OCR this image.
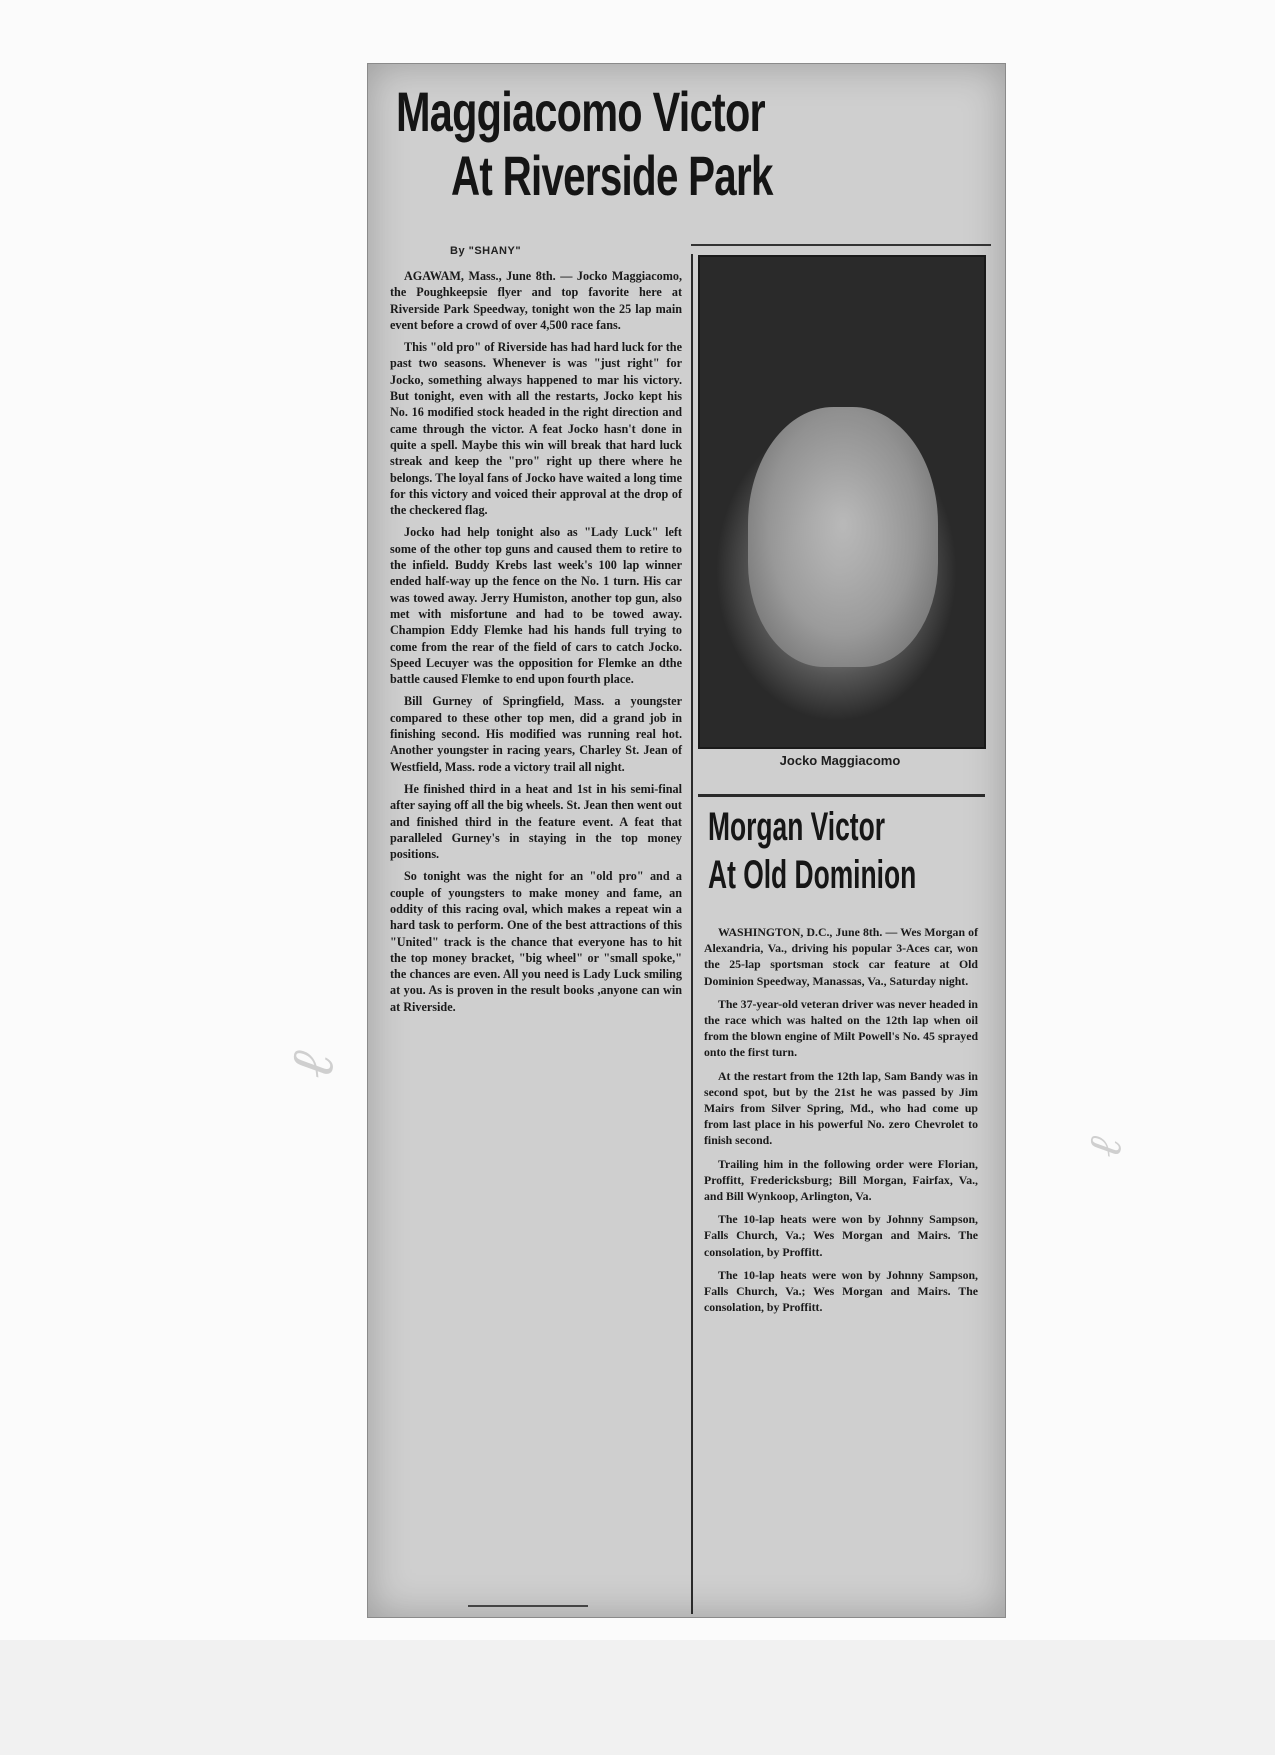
ℓ
ℓ
Maggiacomo Victor
At Riverside Park
By "SHANY"

AGAWAM, Mass., June 8th. — Jocko Maggiacomo, the Poughkeepsie flyer and top favorite here at Riverside Park Speedway, tonight won the 25 lap main event before a crowd of over 4,500 race fans.

This "old pro" of Riverside has had hard luck for the past two seasons. Whenever is was "just right" for Jocko, something always happened to mar his victory. But tonight, even with all the restarts, Jocko kept his No. 16 modified stock headed in the right direction and came through the victor. A feat Jocko hasn't done in quite a spell. Maybe this win will break that hard luck streak and keep the "pro" right up there where he belongs. The loyal fans of Jocko have waited a long time for this victory and voiced their approval at the drop of the checkered flag.

Jocko had help tonight also as "Lady Luck" left some of the other top guns and caused them to retire to the infield. Buddy Krebs last week's 100 lap winner ended half-way up the fence on the No. 1 turn. His car was towed away. Jerry Humiston, another top gun, also met with misfortune and had to be towed away. Champion Eddy Flemke had his hands full trying to come from the rear of the field of cars to catch Jocko. Speed Lecuyer was the opposition for Flemke an dthe battle caused Flemke to end upon fourth place.

Bill Gurney of Springfield, Mass. a youngster compared to these other top men, did a grand job in finishing second. His modified was running real hot. Another youngster in racing years, Charley St. Jean of Westfield, Mass. rode a victory trail all night.

He finished third in a heat and 1st in his semi-final after saying off all the big wheels. St. Jean then went out and finished third in the feature event. A feat that paralleled Gurney's in staying in the top money positions.

So tonight was the night for an "old pro" and a couple of youngsters to make money and fame, an oddity of this racing oval, which makes a repeat win a hard task to perform. One of the best attractions of this "United" track is the chance that everyone has to hit the top money bracket, "big wheel" or "small spoke," the chances are even. All you need is Lady Luck smiling at you. As is proven in the result books ,anyone can win at Riverside.

Jocko Maggiacomo
Morgan Victor
At Old Dominion

WASHINGTON, D.C., June 8th. — Wes Morgan of Alexandria, Va., driving his popular 3-Aces car, won the 25-lap sportsman stock car feature at Old Dominion Speedway, Manassas, Va., Saturday night.

The 37-year-old veteran driver was never headed in the race which was halted on the 12th lap when oil from the blown engine of Milt Powell's No. 45 sprayed onto the first turn.

At the restart from the 12th lap, Sam Bandy was in second spot, but by the 21st he was passed by Jim Mairs from Silver Spring, Md., who had come up from last place in his powerful No. zero Chevrolet to finish second.

Trailing him in the following order were Florian, Proffitt, Fredericksburg; Bill Morgan, Fairfax, Va., and Bill Wynkoop, Arlington, Va.

The 10-lap heats were won by Johnny Sampson, Falls Church, Va.; Wes Morgan and Mairs. The consolation, by Proffitt.

The 10-lap heats were won by Johnny Sampson, Falls Church, Va.; Wes Morgan and Mairs. The consolation, by Proffitt.
